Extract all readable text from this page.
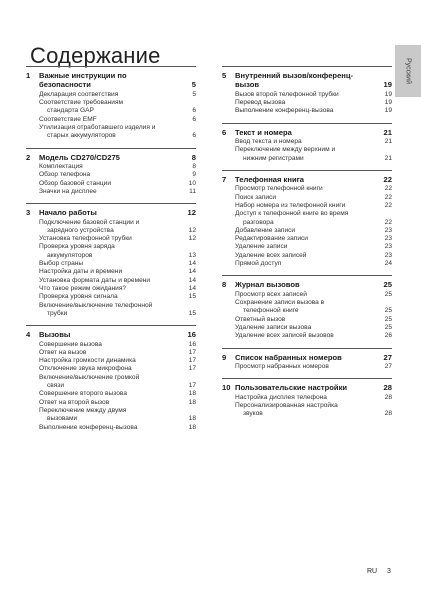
Содержание
Русский
1	Важные инструкции по
безопасности	5
Декларация соответствия	5
Соответствие требованиям
стандарта GAP	6
Соответствие EMF	6
Утилизация отработавшего изделия и
старых аккумуляторов	6
2	Модель CD270/CD275	8
Комплектация	8
Обзор телефона	9
Обзор базовой станции	10
Значки на дисплее	11
3	Начало работы	12
Подключение базовой станции и
зарядного устройства	12
Установка телефонной трубки	12
Проверка уровня заряда
аккумуляторов	13
Выбор страны	14
Настройка даты и времени	14
Установка формата даты и времени	14
Что такое режим ожидания?	14
Проверка уровня сигнала	15
Включение/выключение телефонной
трубки	15
4	Вызовы	16
Совершение вызова	16
Ответ на вызов	17
Настройка громкости динамика	17
Отключение звука микрофона	17
Включение/выключение громкой
связи	17
Совершение второго вызова	18
Ответ на второй вызов	18
Переключение между двумя
вызовами	18
Выполнение конференц-вызова	18
5	Внутренний вызов/конференц-
вызов	19
Вызов второй телефонной трубки	19
Перевод вызова	19
Выполнение конференц-вызова	19
6	Текст и номера	21
Ввод текста и номера	21
Переключение между верхним и
нижним регистрами	21
7	Телефонная книга	22
Просмотр телефонной книги	22
Поиск записи	22
Набор номера из телефонной книги	22
Доступ к телефонной книге во время
разговора	22
Добавление записи	23
Редактирование записи	23
Удаление записи	23
Удаление всех записей	23
Прямой доступ	24
8	Журнал вызовов	25
Просмотр всех записей	25
Сохранение записи вызова в
телефонной книге	25
Ответный вызов	25
Удаление записи вызова	25
Удаление всех записей вызовов	26
9	Список набранных номеров	27
Просмотр набранных номеров	27
10 Пользовательские настройки	28
Настройка дисплея телефона	28
Персонализированная настройка
звуков	28
RU 3
